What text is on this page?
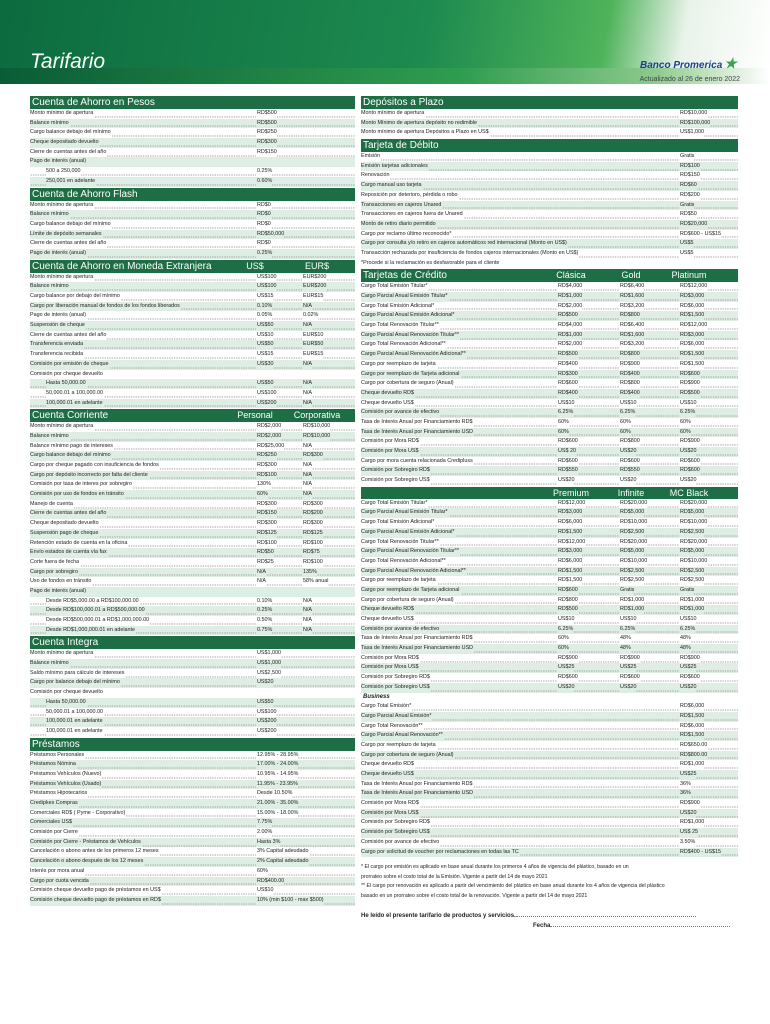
Tarifario	Banco Promerica ★
Actualizado al 26 de enero 2022
Cuenta de Ahorro en Pesos
Monto mínimo de apertura	RD$500
Balance mínimo	RD$500
Cargo balance debajo del mínimo	RD$250
Cheque depositado devuelto	RD$300
Cierre de cuentas antes del año	RD$150
Pago de interés (anual)
500 a 250,000	0.25%
250,001 en adelante	0.60%
Cuenta de Ahorro Flash
Monto mínimo de apertura	RD$0
Balance mínimo	RD$0
Cargo balance debajo del mínimo	RD$0
Límite de depósito semanales	RD$50,000
Cierre de cuentas antes del año	RD$0
Pago de interés (anual)	0.25%
Cuenta de Ahorro en Moneda Extranjera	US$	EUR$
Monto mínimo de apertura	US$100	EUR$200
Balance mínimo	US$100	EUR$200
Cargo balance por debajo del mínimo	US$15	EUR$15
Cargo por liberación manual de fondos de los fondos liberados	0.10%	N/A
Pago de interés (anual)	0.05%	0.02%
Suspensión de cheque	US$50	N/A
Cierre de cuentas antes del año	US$10	EUR$10
Transferencia enviada	US$50	EUR$50
Transferencia recibida	US$15	EUR$15
Comisión por emisión de cheque	US$30	N/A
Comisión por cheque devuelto
Hasta 50,000.00	US$50	N/A
50,000.01 a 100,000.00	US$100	N/A
100,000.01 en adelante	US$200	N/A
Cuenta Corriente	Personal	Corporativa
Monto mínimo de apertura	RD$2,000	RD$10,000
Balance mínimo	RD$2,000	RD$10,000
Balance mínimo pago de intereses	RD$25,000	N/A
Cargo balance debajo del mínimo	RD$250	RD$300
Cargo por cheque pagado con insuficiencia de fondos	RD$300	N/A
Cargo por depósito incorrecto por falta del cliente	RD$100	N/A
Comisión por tasa de interes por sobregiro	130%	N/A
Comisión por uso de fondos en tránsito	60%	N/A
Manejo de cuenta	RD$300	RD$300
Cierre de cuentas antes del año	RD$150	RD$200
Cheque depositado devuelto	RD$300	RD$300
Suspensión pago de cheque	RD$125	RD$125
Retención estado de cuenta en la oficina	RD$100	RD$100
Envío estados de cuenta vía fax	RD$50	RD$75
Corte fuera de fecha	RD$25	RD$100
Cargo por sobregiro	N/A	135%
Uso de fondos en tránsito	N/A	58% anual
Pago de interés (anual)
Desde RD$5,000.00 a RD$100,000.00	0.10%	N/A
Desde RD$100,000.01 a RD$500,000.00	0.25%	N/A
Desde RD$500,000.01 a RD$1,000,000.00	0.50%	N/A
Desde RD$1,000,000.01 en adelante	0.75%	N/A
Cuenta Integra
Monto mínimo de apertura	US$1,000
Balance mínimo	US$1,000
Saldo mínimo para cálculo de intereses	US$2,500
Cargo por balance debajo del mínimo	US$20
Comisión por cheque devuelto
Hasta 50,000.00	US$50
50,000.01 a 100,000.00	US$100
100,000.01 en adelante	US$200
100,000.01 en adelante	US$200
Préstamos
Préstamos Personales	12.95% - 28.95%
Préstamos Nómina	17.00% - 24.00%
Préstamos Vehículos (Nuevo)	10.95% - 14.95%
Préstamos Vehículos (Usado)	11.95% - 23.95%
Préstamos Hipotecarios	Desde 10.50%
Credipkes Compras	21.00% - 35.00%
Comerciales RD$ ( Pyme - Corporativo)	15.00% - 18.00%
Comerciales US$	7.75%
Comisión por Cierre	2.00%
Comisión por Cierre - Préstamos de Vehículos	Hasta 3%
Cancelación o abono antes de los primeros 12 meses	3% Capital adeudado
Cancelación o abono después de los 12 meses	2% Capital adeudado
Interés por mora anual	60%
Cargo por cuota vencida	RD$400.00
Comisión cheque devuelto pago de préstamos en US$	US$10
Comisión cheque devuelto pago de préstamos en RD$	10% (min $100 - max $500)
Depósitos a Plazo
Monto mínimo de apertura	RD$10,000
Monto Mínimo de apertura depósito no redimible	RD$100,000
Monto mínimo de apertura Depósitos a Plazo en US$	US$1,000
Tarjeta de Débito
Emisión	Gratis
Emisión tarjetas adicionales	RD$100
Renovación	RD$150
Cargo manual uso tarjeta	RD$60
Reposición por deterioro, pérdida o robo	RD$200
Transacciones en cajeros Unared	Gratis
Transacciones en cajeros fuera de Unared	RD$50
Monto de retiro diario permitido	RD$20,000
Cargo por reclamo último reconocido*	RD$600 - US$15
Cargo por consulta y/o retiro en cajeros automáticos red internacional (Monto en US$)	US$5
Transacción rechazada por insuficiencia de fondos cajeros internacionales (Monto en US$)	US$5
*Procede si la reclamación es desfavorable para el cliente
Tarjetas de Crédito	Clásica	Gold	Platinum
Cargo Total Emisión Titular*	RD$4,000	RD$6,400	RD$12,000
Cargo Parcial Anual Emisión Titular*	RD$1,000	RD$1,600	RD$3,000
Cargo Total Emisión Adicional*	RD$2,000	RD$3,200	RD$6,000
Cargo Parcial Anual Emisión Adicional*	RD$500	RD$800	RD$1,500
Cargo Total Renovación Titular**	RD$4,000	RD$6,400	RD$12,000
Cargo Parcial Anual Renovación Titular**	RD$1,000	RD$1,600	RD$3,000
Cargo Total Renovación Adicional**	RD$2,000	RD$3,200	RD$6,000
Cargo Parcial Anual Renovación Adicional**	RD$500	RD$800	RD$1,500
Cargo por reemplazo de tarjeta	RD$400	RD$900	RD$1,500
Cargo por reemplazo de Tarjeta adicional	RD$300	RD$400	RD$600
Cargo por cobertura de seguro (Anual)	RD$600	RD$800	RD$900
Cheque devuelto RD$	RD$400	RD$400	RD$500
Cheque devuelto US$	US$10	US$10	US$10
Comisión por avance de efectivo	6.25%	6.25%	6.25%
Tasa de Interés Anual por Financiamiento RD$	60%	60%	60%
Tasa de Interés Anual por Financiamiento USD	60%	60%	60%
Comisión por Mora RD$	RD$600	RD$800	RD$900
Comisión por Mora US$	US$ 20	US$20	US$20
Cargo por mora cuenta relacionada Credipluss	RD$600	RD$600	RD$600
Comisión por Sobregiro RD$	RD$550	RD$550	RD$600
Comisión por Sobregiro US$	US$20	US$20	US$20
Premium	Infinite	MC Black
Cargo Total Emisión Titular*	RD$12,000	RD$20,000	RD$20,000
Cargo Parcial Anual Emisión Titular*	RD$3,000	RD$5,000	RD$5,000
Cargo Total Emisión Adicional*	RD$6,000	RD$10,000	RD$10,000
Cargo Parcial Anual Emisión Adicional*	RD$1,500	RD$2,500	RD$2,500
Cargo Total Renovación Titular**	RD$12,000	RD$20,000	RD$20,000
Cargo Parcial Anual Renovación Titular**	RD$3,000	RD$5,000	RD$5,000
Cargo Total Renovación Adicional**	RD$6,000	RD$10,000	RD$10,000
Cargo Parcial Anual Renovación Adicional**	RD$1,500	RD$2,500	RD$2,500
Cargo por reemplazo de tarjeta	RD$1,500	RD$2,500	RD$2,500
Cargo por reemplazo de Tarjeta adicional	RD$600	Gratis	Gratis
Cargo por cobertura de seguro (Anual)	RD$800	RD$1,000	RD$1,000
Cheque devuelto RD$	RD$500	RD$1,000	RD$1,000
Cheque devuelto US$	US$10	US$10	US$10
Comisión por avance de efectivo	6.25%	6.25%	6.25%
Tasa de Interés Anual por Financiamiento RD$	60%	48%	48%
Tasa de Interés Anual por Financiamiento USD	60%	48%	48%
Comisión por Mora RD$	RD$900	RD$900	RD$900
Comisión por Mora US$	US$25	US$25	US$25
Comisión por Sobregiro RD$	RD$600	RD$600	RD$600
Comisión por Sobregiro US$	US$20	US$20	US$20
Business
Cargo Total Emisión*	RD$6,000
Cargo Parcial Anual Emisión*	RD$1,500
Cargo Total Renovación**	RD$6,000
Cargo Parcial Anual Renovación**	RD$1,500
Cargo por reemplazo de tarjeta	RD$650.00
Cargo por cobertura de seguro (Anual)	RD$800.00
Cheque devuelto RD$	RD$1,000
Cheque devuelto US$	US$25
Tasa de Interés Anual por Financiamiento RD$	36%
Tasa de Interés Anual por Financiamiento USD	36%
Comisión por Mora RD$	RD$900
Comisión por Mora US$	US$20
Comisión por Sobregiro RD$	RD$1,000
Comisión por Sobregiro US$	US$ 25
Comisión por avance de efectivo	3.50%
Cargo por solicitud de voucher por reclamaciones en todas las TC	RD$400 - US$15
* El cargo por emisión es aplicado en base anual durante los primeros 4 años de vigencia del plástico, basado en un
prorrateo sobre el costo total de la Emisión. Vigente a partir del 14 de mayo 2021
** El cargo por renovación es aplicado a partir del vencimiento del plástico en base anual durante los 4 años de vigencia del plástico
basado en un prorrateo sobre el costo total de la renovación. Vigente a partir del 14 de mayo 2021
He leído el presente tarifario de productos y servicios.
Fecha
